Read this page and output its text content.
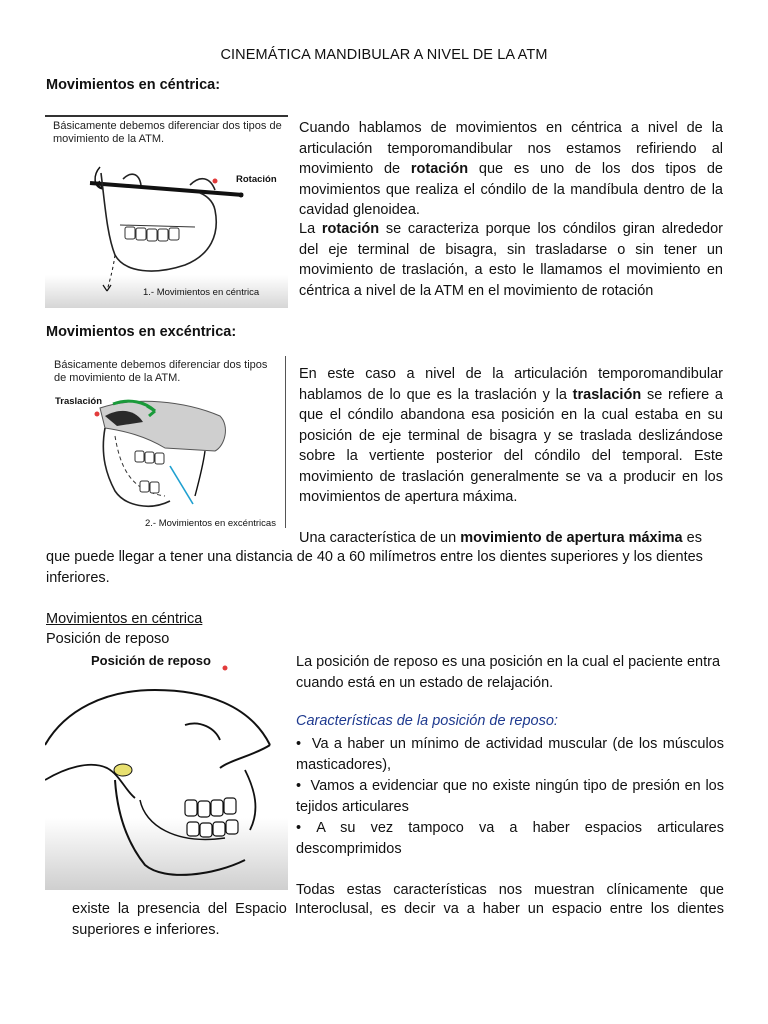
CINEMÁTICA MANDIBULAR A NIVEL DE LA ATM
Movimientos en céntrica:
Básicamente debemos diferenciar dos tipos de movimiento de la ATM.
Rotación
1.- Movimientos en céntrica
Cuando hablamos de movimientos en céntrica a nivel de la articulación temporomandibular nos estamos refiriendo al movimiento de rotación que es uno de los dos tipos de movimientos que realiza el cóndilo de la mandíbula dentro de la cavidad glenoidea.
La rotación se caracteriza porque los cóndilos giran alrededor del eje terminal de bisagra, sin trasladarse o sin tener un movimiento de traslación, a esto le llamamos el movimiento en céntrica a nivel de la ATM en el movimiento de rotación
Movimientos en excéntrica:
Básicamente debemos diferenciar dos tipos de movimiento de la ATM.
Traslación
2.- Movimientos en excéntricas
En este caso a nivel de la articulación temporomandibular hablamos de lo que es la traslación y la traslación se refiere a que el cóndilo abandona esa posición en la cual estaba en su posición de eje terminal de bisagra y se traslada deslizándose sobre la vertiente posterior del cóndilo del temporal. Este movimiento de traslación generalmente se va a producir en los movimientos de apertura máxima.
Una característica de un movimiento de apertura máxima es
que puede llegar a tener una distancia de 40 a 60 milímetros entre los dientes superiores y los dientes
inferiores.
Movimientos en céntrica
Posición de reposo
Posición de reposo	La posición de reposo es una posición en la cual el paciente entra cuando está en un estado de relajación.
Características de la posición de reposo:
• Va a haber un mínimo de actividad muscular (de los músculos masticadores),
• Vamos a evidenciar que no existe ningún tipo de presión en los tejidos articulares
• A su vez tampoco va a haber espacios articulares descomprimidos
Todas estas características nos muestran clínicamente que
existe la presencia del Espacio Interoclusal, es decir va a haber un espacio entre los dientes
superiores e inferiores.
